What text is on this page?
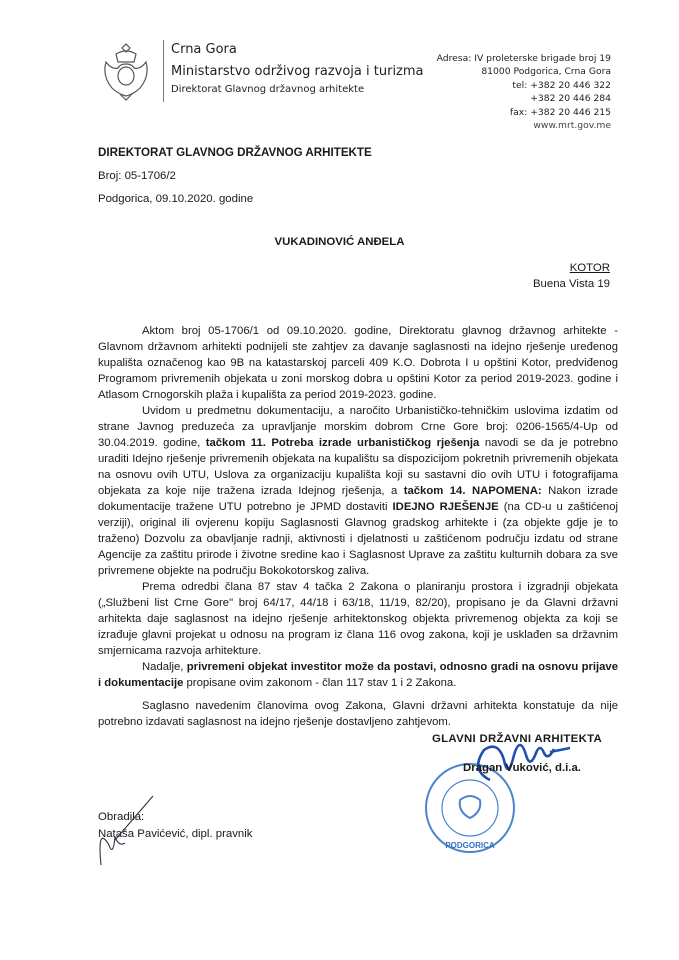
Crna Gora
Ministarstvo održivog razvoja i turizma
Direktorat Glavnog državnog arhitekte
Adresa: IV proleterske brigade broj 19
81000 Podgorica, Crna Gora
tel: +382 20 446 322
+382 20 446 284
fax: +382 20 446 215
www.mrt.gov.me
DIREKTORAT GLAVNOG DRŽAVNOG ARHITEKTE
Broj: 05-1706/2
Podgorica, 09.10.2020. godine
VUKADINOVIĆ ANĐELA
KOTOR
Buena Vista 19
Aktom broj 05-1706/1 od 09.10.2020. godine, Direktoratu glavnog državnog arhitekte - Glavnom državnom arhitekti podnijeli ste zahtjev za davanje saglasnosti na idejno rješenje uređenog kupališta označenog kao 9B na katastarskoj parceli 409 K.O. Dobrota I u opštini Kotor, predviđenog Programom privremenih objekata u zoni morskog dobra u opštini Kotor za period 2019-2023. godine i Atlasom Crnogorskih plaža i kupališta za period 2019-2023. godine.
Uvidom u predmetnu dokumentaciju, a naročito Urbanističko-tehničkim uslovima izdatim od strane Javnog preduzeća za upravljanje morskim dobrom Crne Gore broj: 0206-1565/4-Up od 30.04.2019. godine, tačkom 11. Potreba izrade urbanističkog rješenja navodi se da je potrebno uraditi Idejno rješenje privremenih objekata na kupalištu sa dispozicijom pokretnih privremenih objekata na osnovu ovih UTU, Uslova za organizaciju kupališta koji su sastavni dio ovih UTU i fotografijama objekata za koje nije tražena izrada Idejnog rješenja, a tačkom 14. NAPOMENA: Nakon izrade dokumentacije tražene UTU potrebno je JPMD dostaviti IDEJNO RJEŠENJE (na CD-u u zaštićenoj verziji), original ili ovjerenu kopiju Saglasnosti Glavnog gradskog arhitekte i (za objekte gdje je to traženo) Dozvolu za obavljanje radnji, aktivnosti i djelatnosti u zaštićenom području izdatu od strane Agencije za zaštitu prirode i životne sredine kao i Saglasnost Uprave za zaštitu kulturnih dobara za sve privremene objekte na području Bokokotorskog zaliva.
Prema odredbi člana 87 stav 4 tačka 2 Zakona o planiranju prostora i izgradnji objekata („Službeni list Crne Gore" broj 64/17, 44/18 i 63/18, 11/19, 82/20), propisano je da Glavni državni arhitekta daje saglasnost na idejno rješenje arhitektonskog objekta privremenog objekta za koji se izrađuje glavni projekat u odnosu na program iz člana 116 ovog zakona, koji je usklađen sa državnim smjernicama razvoja arhitekture.
Nadalje, privremeni objekat investitor može da postavi, odnosno gradi na osnovu prijave i dokumentacije propisane ovim zakonom - član 117 stav 1 i 2 Zakona.
Saglasno navedenim članovima ovog Zakona, Glavni državni arhitekta konstatuje da nije potrebno izdavati saglasnost na idejno rješenje dostavljeno zahtjevom.
PODGORICA
GLAVNI DRŽAVNI ARHITEKTA
Dragan Vuković, d.i.a.
Obradila:
Nataša Pavićević, dipl. pravnik
